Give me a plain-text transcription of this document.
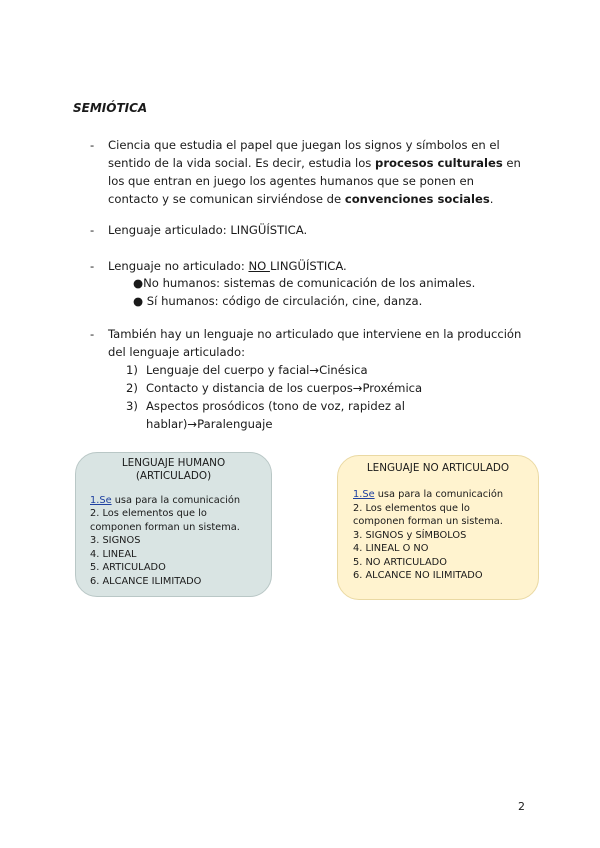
SEMIÓTICA
- Ciencia que estudia el papel que juegan los signos y símbolos en el
sentido de la vida social. Es decir, estudia los procesos culturales en
los que entran en juego los agentes humanos que se ponen en
contacto y se comunican sirviéndose de convenciones sociales.
- Lenguaje articulado: LINGÜÍSTICA.
- Lenguaje no articulado: NO LINGÜÍSTICA.
●No humanos: sistemas de comunicación de los animales.
● Sí humanos: código de circulación, cine, danza.
- También hay un lenguaje no articulado que interviene en la producción
del lenguaje articulado:
1) Lenguaje del cuerpo y facial→Cinésica
2) Contacto y distancia de los cuerpos→Proxémica
3) Aspectos prosódicos (tono de voz, rapidez al
hablar)→Paralenguaje
LENGUAJE HUMANO
(ARTICULADO)
1.Se usa para la comunicación
2. Los elementos que lo
componen forman un sistema.
3. SIGNOS
4. LINEAL
5. ARTICULADO
6. ALCANCE ILIMITADO
LENGUAJE NO ARTICULADO
1.Se usa para la comunicación
2. Los elementos que lo
componen forman un sistema.
3. SIGNOS y SÍMBOLOS
4. LINEAL O NO
5. NO ARTICULADO
6. ALCANCE NO ILIMITADO
2
